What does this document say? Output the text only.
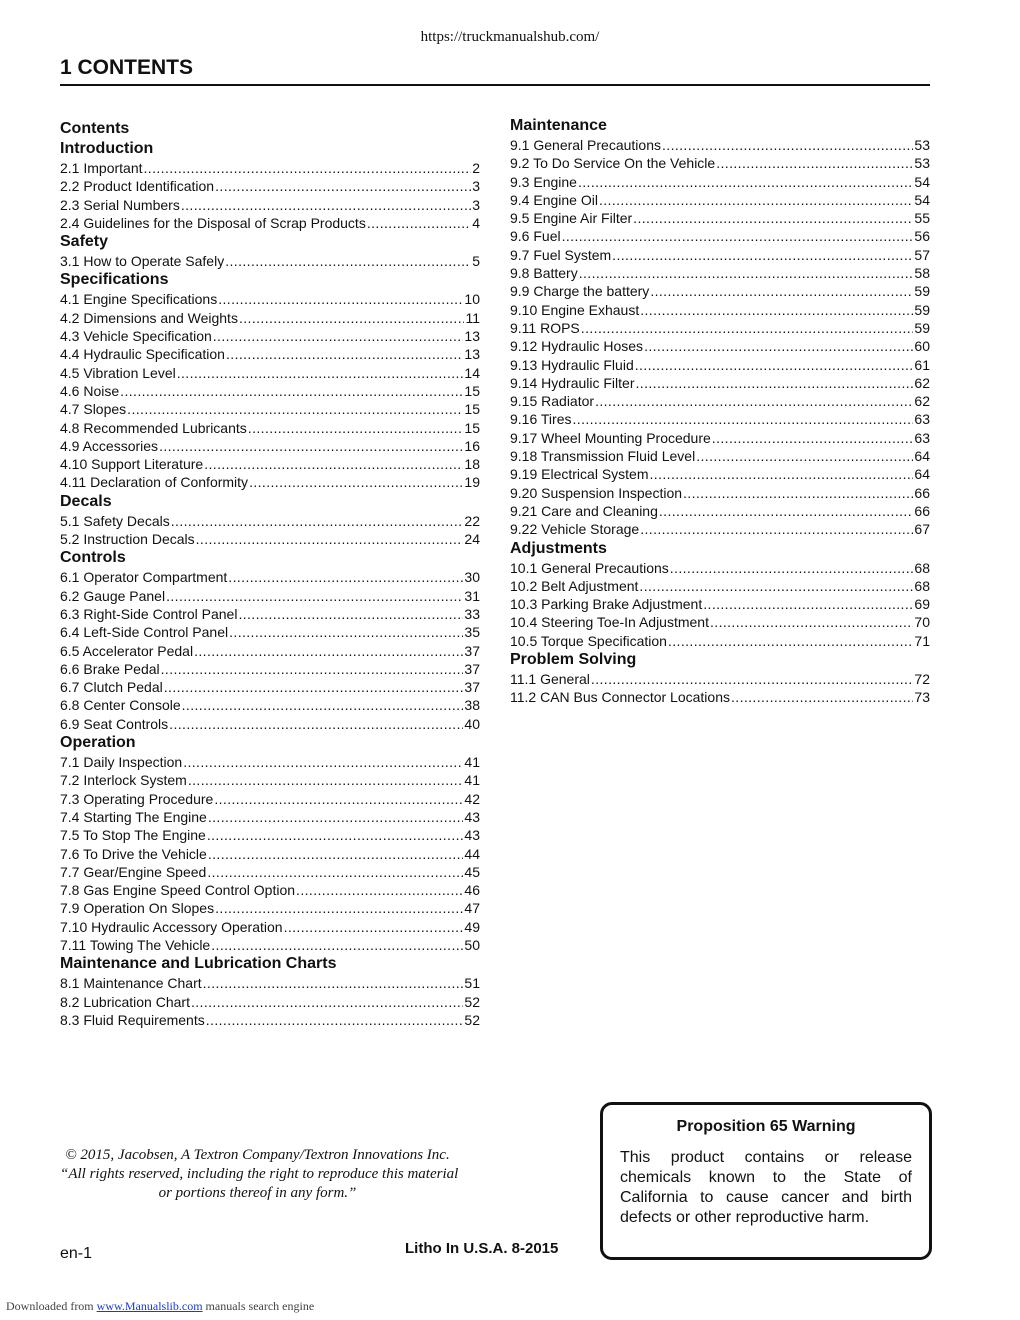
https://truckmanualshub.com/
1 CONTENTS
Contents
Introduction
2.1 Important .....	2
2.2 Product Identification .....	3
2.3 Serial Numbers .....	3
2.4 Guidelines for the Disposal of Scrap Products .....	4
Safety
3.1 How to Operate Safely .....	5
Specifications
4.1 Engine Specifications .....	10
4.2 Dimensions and Weights .....	11
4.3 Vehicle Specification .....	13
4.4 Hydraulic Specification .....	13
4.5 Vibration Level .....	14
4.6 Noise .....	15
4.7 Slopes .....	15
4.8 Recommended Lubricants .....	15
4.9 Accessories .....	16
4.10 Support Literature .....	18
4.11 Declaration of Conformity .....	19
Decals
5.1 Safety Decals .....	22
5.2 Instruction Decals .....	24
Controls
6.1 Operator Compartment .....	30
6.2 Gauge Panel .....	31
6.3 Right-Side Control Panel .....	33
6.4 Left-Side Control Panel .....	35
6.5 Accelerator Pedal .....	37
6.6 Brake Pedal .....	37
6.7 Clutch Pedal .....	37
6.8 Center Console .....	38
6.9 Seat Controls .....	40
Operation
7.1 Daily Inspection .....	41
7.2 Interlock System .....	41
7.3 Operating Procedure .....	42
7.4 Starting The Engine .....	43
7.5 To Stop The Engine .....	43
7.6 To Drive the Vehicle .....	44
7.7 Gear/Engine Speed .....	45
7.8 Gas Engine Speed Control Option .....	46
7.9 Operation On Slopes .....	47
7.10 Hydraulic Accessory Operation .....	49
7.11 Towing The Vehicle .....	50
Maintenance and Lubrication Charts
8.1 Maintenance Chart .....	51
8.2 Lubrication Chart .....	52
8.3 Fluid Requirements .....	52
Maintenance
9.1 General Precautions .....	53
9.2 To Do Service On the Vehicle .....	53
9.3 Engine .....	54
9.4 Engine Oil .....	54
9.5 Engine Air Filter .....	55
9.6 Fuel .....	56
9.7 Fuel System .....	57
9.8 Battery .....	58
9.9 Charge the battery .....	59
9.10 Engine Exhaust .....	59
9.11 ROPS .....	59
9.12 Hydraulic Hoses .....	60
9.13 Hydraulic Fluid .....	61
9.14 Hydraulic Filter .....	62
9.15 Radiator .....	62
9.16 Tires .....	63
9.17 Wheel Mounting Procedure .....	63
9.18 Transmission Fluid Level .....	64
9.19 Electrical System .....	64
9.20 Suspension Inspection .....	66
9.21 Care and Cleaning .....	66
9.22 Vehicle Storage .....	67
Adjustments
10.1 General Precautions .....	68
10.2 Belt Adjustment .....	68
10.3 Parking Brake Adjustment .....	69
10.4 Steering Toe-In Adjustment .....	70
10.5 Torque Specification .....	71
Problem Solving
11.1 General .....	72
11.2 CAN Bus Connector Locations .....	73
© 2015, Jacobsen, A Textron Company/Textron Innovations Inc.
“All rights reserved, including the right to reproduce this material
or portions thereof in any form.”
en-1	Litho In U.S.A. 8-2015
Proposition 65 Warning
This product contains or release chemicals known to the State of California to cause cancer and birth defects or other reproductive harm.
Downloaded from www.Manualslib.com manuals search engine
